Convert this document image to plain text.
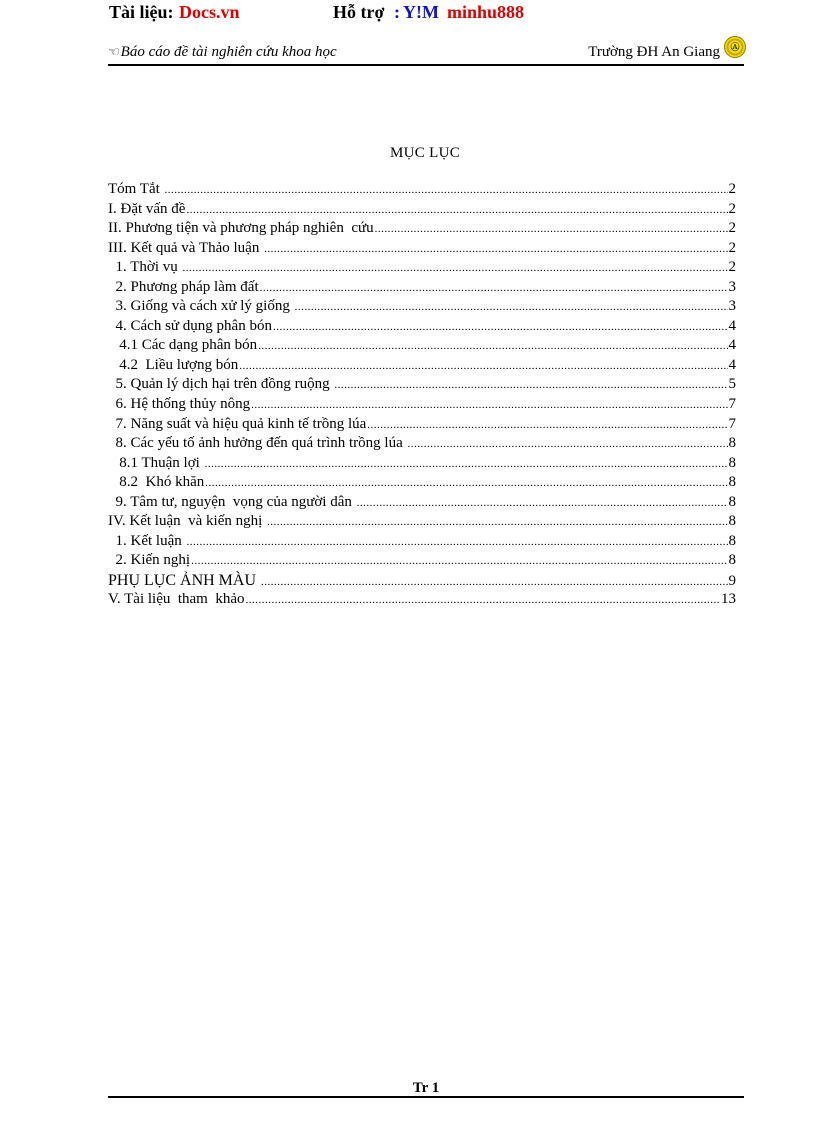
Tài liệu: Docs.vn	Hỗ trợ : Y!M minhu888
☜Báo cáo đề tài nghiên cứu khoa học	Trường ĐH An Giang	Ⓐ
MỤC LỤC
Tóm Tắt .....	2
I. Đặt vấn đề .....	2
II. Phương tiện và phương pháp nghiên  cứu .....	2
III. Kết quả và Thảo luận .....	2
1. Thời vụ .....	2
2. Phương pháp làm đất .....	3
3. Giống và cách xử lý giống .....	3
4. Cách sử dụng phân bón .....	4
4.1 Các dạng phân bón .....	4
4.2  Liều lượng bón .....	4
5. Quản lý dịch hại trên đồng ruộng .....	5
6. Hệ thống thủy nông .....	7
7. Năng suất và hiệu quả kinh tế trồng lúa .....	7
8. Các yếu tố ảnh hưởng đến quá trình trồng lúa .....	8
8.1 Thuận lợi .....	8
8.2  Khó khăn .....	8
9. Tâm tư, nguyện  vọng của người dân .....	8
IV. Kết luận  và kiến nghị .....	8
1. Kết luận .....	8
2. Kiến nghị .....	8
PHỤ LỤC ẢNH MÀU .....	9
V. Tài liệu  tham  khảo .....	13
Tr 1
